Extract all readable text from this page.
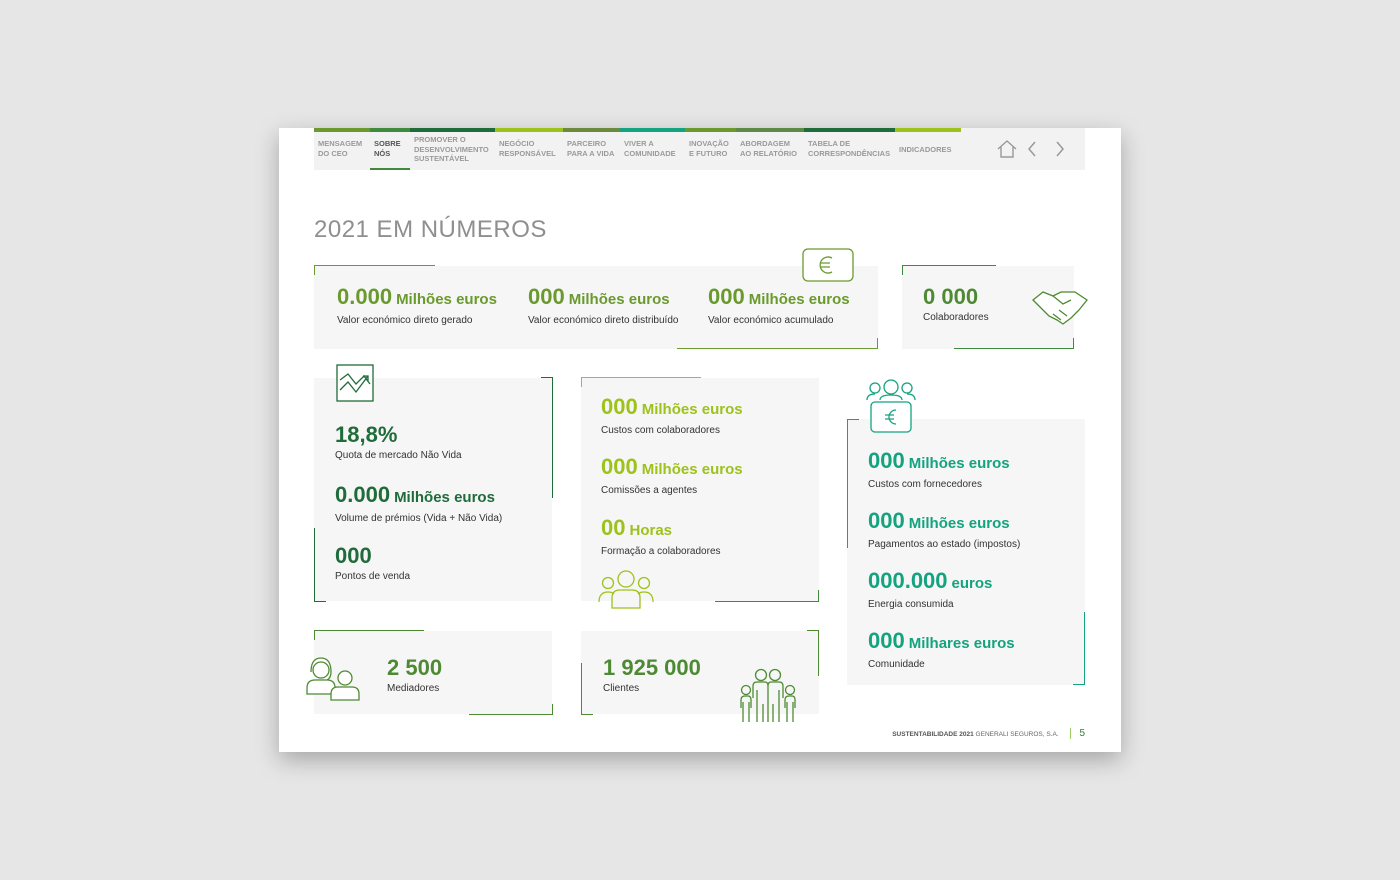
MENSAGEM DO CEO
SOBRE NÓS
PROMOVER O DESENVOLVIMENTO SUSTENTÁVEL
NEGÓCIO RESPONSÁVEL
PARCEIRO PARA A VIDA
VIVER A COMUNIDADE
INOVAÇÃO E FUTURO
ABORDAGEM AO RELATÓRIO
TABELA DE CORRESPONDÊNCIAS	INDICADORES
2021 EM NÚMEROS
0.000 Milhões euros
Valor económico direto gerado
000 Milhões euros
Valor económico direto distribuído
000 Milhões euros
Valor económico acumulado
0 000
Colaboradores
18,8%
Quota de mercado Não Vida
0.000 Milhões euros
Volume de prémios (Vida + Não Vida)
000
Pontos de venda
000 Milhões euros
Custos com colaboradores
000 Milhões euros
Comissões a agentes
00 Horas
Formação a colaboradores
000 Milhões euros
Custos com fornecedores
000 Milhões euros
Pagamentos ao estado (impostos)
000.000 euros
Energia consumida
000 Milhares euros
Comunidade
2 500
Mediadores
1 925 000
Clientes
SUSTENTABILIDADE 2021 GENERALI SEGUROS, S.A. 5
